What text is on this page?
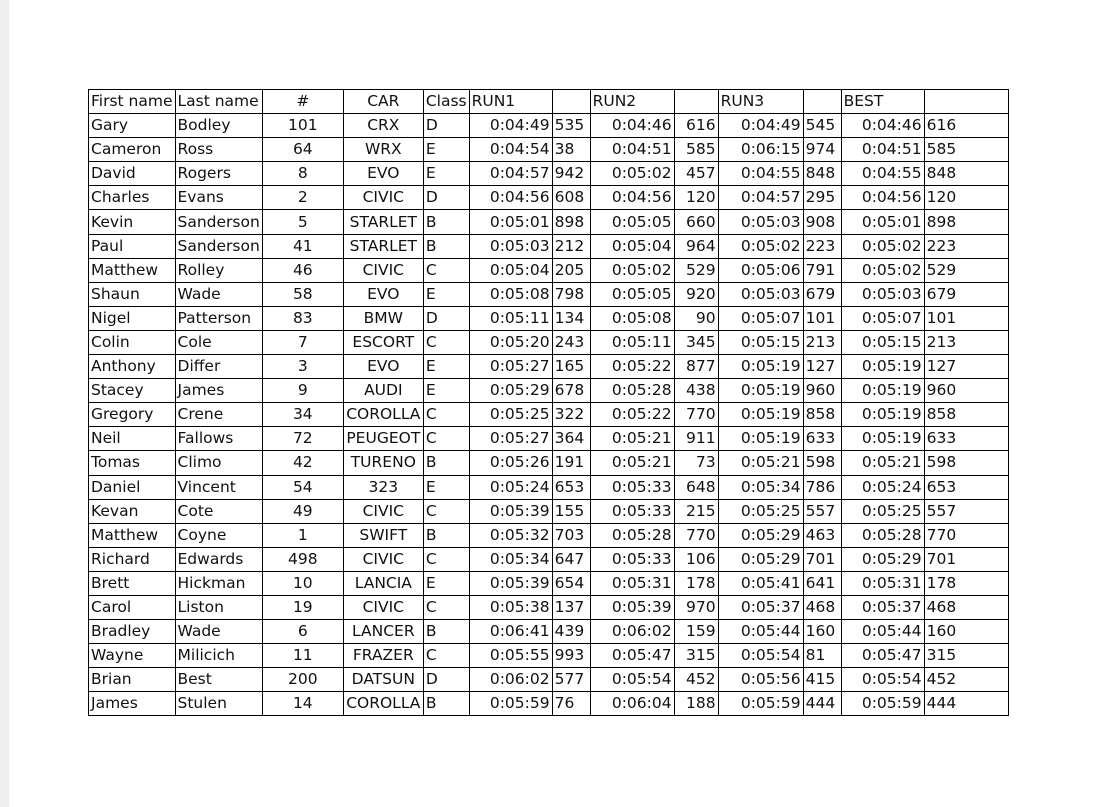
First name	Last name	#	CAR	Class	RUN1		RUN2		RUN3		BEST	
Gary	Bodley	101	CRX	D	0:04:49	535	0:04:46	616	0:04:49	545	0:04:46	616
Cameron	Ross	64	WRX	E	0:04:54	38	0:04:51	585	0:06:15	974	0:04:51	585
David	Rogers	8	EVO	E	0:04:57	942	0:05:02	457	0:04:55	848	0:04:55	848
Charles	Evans	2	CIVIC	D	0:04:56	608	0:04:56	120	0:04:57	295	0:04:56	120
Kevin	Sanderson	5	STARLET	B	0:05:01	898	0:05:05	660	0:05:03	908	0:05:01	898
Paul	Sanderson	41	STARLET	B	0:05:03	212	0:05:04	964	0:05:02	223	0:05:02	223
Matthew	Rolley	46	CIVIC	C	0:05:04	205	0:05:02	529	0:05:06	791	0:05:02	529
Shaun	Wade	58	EVO	E	0:05:08	798	0:05:05	920	0:05:03	679	0:05:03	679
Nigel	Patterson	83	BMW	D	0:05:11	134	0:05:08	90	0:05:07	101	0:05:07	101
Colin	Cole	7	ESCORT	C	0:05:20	243	0:05:11	345	0:05:15	213	0:05:15	213
Anthony	Differ	3	EVO	E	0:05:27	165	0:05:22	877	0:05:19	127	0:05:19	127
Stacey	James	9	AUDI	E	0:05:29	678	0:05:28	438	0:05:19	960	0:05:19	960
Gregory	Crene	34	COROLLA	C	0:05:25	322	0:05:22	770	0:05:19	858	0:05:19	858
Neil	Fallows	72	PEUGEOT	C	0:05:27	364	0:05:21	911	0:05:19	633	0:05:19	633
Tomas	Climo	42	TURENO	B	0:05:26	191	0:05:21	73	0:05:21	598	0:05:21	598
Daniel	Vincent	54	323	E	0:05:24	653	0:05:33	648	0:05:34	786	0:05:24	653
Kevan	Cote	49	CIVIC	C	0:05:39	155	0:05:33	215	0:05:25	557	0:05:25	557
Matthew	Coyne	1	SWIFT	B	0:05:32	703	0:05:28	770	0:05:29	463	0:05:28	770
Richard	Edwards	498	CIVIC	C	0:05:34	647	0:05:33	106	0:05:29	701	0:05:29	701
Brett	Hickman	10	LANCIA	E	0:05:39	654	0:05:31	178	0:05:41	641	0:05:31	178
Carol	Liston	19	CIVIC	C	0:05:38	137	0:05:39	970	0:05:37	468	0:05:37	468
Bradley	Wade	6	LANCER	B	0:06:41	439	0:06:02	159	0:05:44	160	0:05:44	160
Wayne	Milicich	11	FRAZER	C	0:05:55	993	0:05:47	315	0:05:54	81	0:05:47	315
Brian	Best	200	DATSUN	D	0:06:02	577	0:05:54	452	0:05:56	415	0:05:54	452
James	Stulen	14	COROLLA	B	0:05:59	76	0:06:04	188	0:05:59	444	0:05:59	444
